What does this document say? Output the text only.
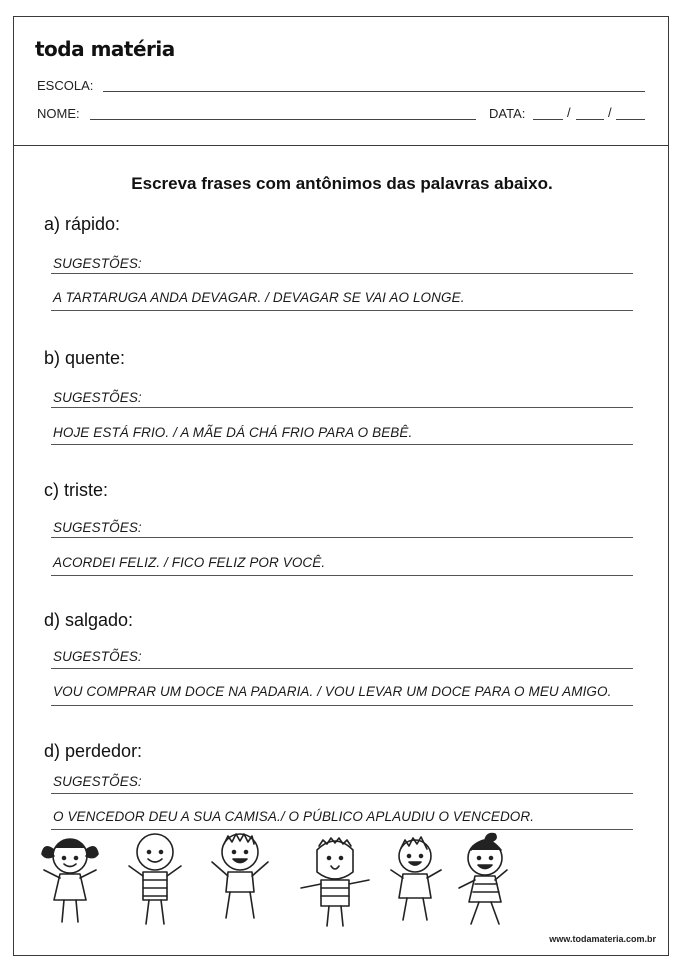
toda matéria
ESCOLA:
NOME:	DATA:	/	/
Escreva frases com antônimos das palavras abaixo.
a) rápido:
SUGESTÕES:
A TARTARUGA ANDA DEVAGAR. / DEVAGAR SE VAI AO LONGE.
b) quente:
SUGESTÕES:
HOJE ESTÁ FRIO. / A MÃE DÁ CHÁ FRIO PARA O BEBÊ.
c) triste:
SUGESTÕES:
ACORDEI FELIZ. / FICO FELIZ POR VOCÊ.
d) salgado:
SUGESTÕES:
VOU COMPRAR UM DOCE NA PADARIA. / VOU LEVAR UM DOCE PARA O MEU AMIGO.
d) perdedor:
SUGESTÕES:
O VENCEDOR DEU A SUA CAMISA./ O PÚBLICO APLAUDIU O VENCEDOR.
www.todamateria.com.br
